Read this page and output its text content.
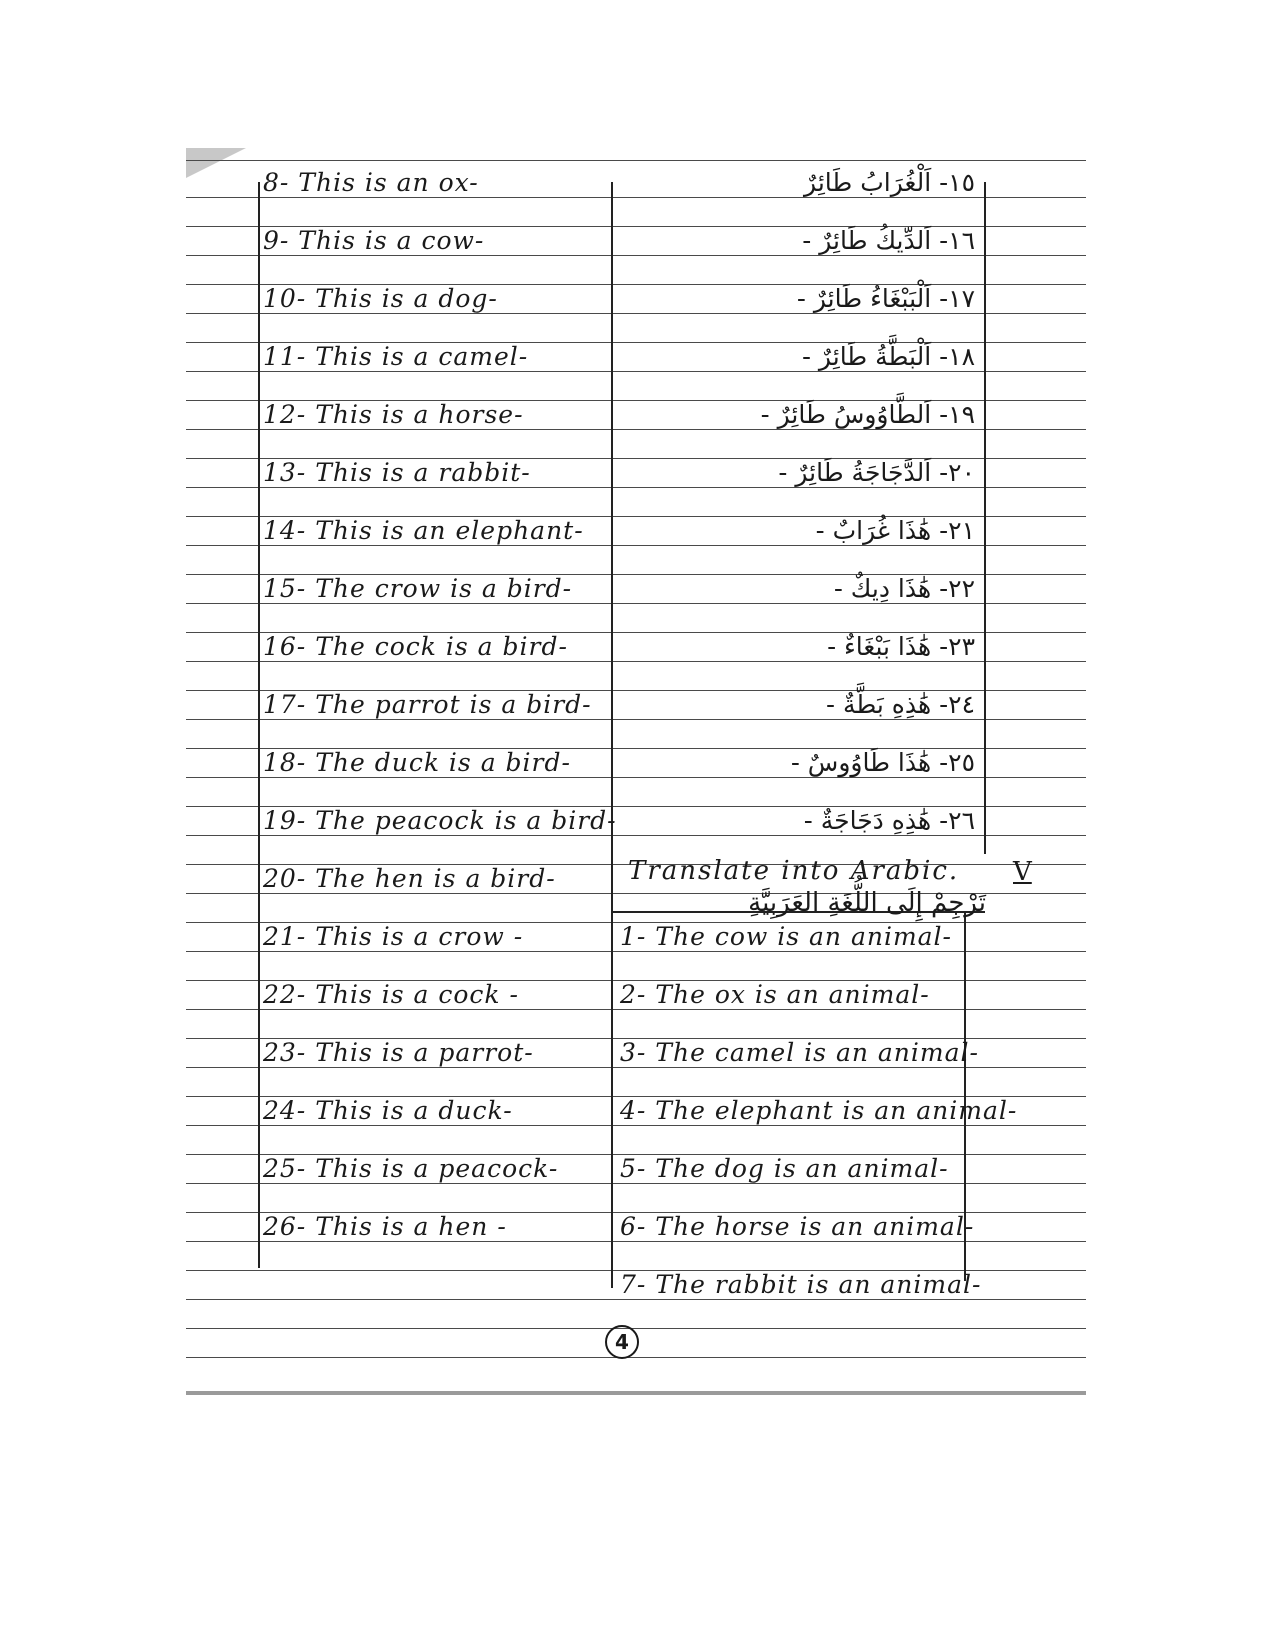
8- This is an ox-
9- This is a cow-
10- This is a dog-
11- This is a camel-
12- This is a horse-
13- This is a rabbit-
14- This is an elephant-
15- The crow is a bird-
16- The cock is a bird-
17- The parrot is a bird-
18- The duck is a bird-
19- The peacock is a bird-
20- The hen is a bird-
21- This is a crow -
22- This is a cock -
23- This is a parrot-
24- This is a duck-
25- This is a peacock-
26- This is a hen -
١٥- اَلْغُرَابُ طَائِرٌ
١٦- اَلدِّيكُ طَائِرٌ -
١٧- اَلْبَبْغَاءُ طَائِرٌ -
١٨- اَلْبَطَّةُ طَائِرٌ -
١٩- اَلطَّاوُوسُ طَائِرٌ -
٢٠- اَلدَّجَاجَةُ طَائِرٌ -
٢١- هَٰذَا غُرَابٌ -
٢٢- هَٰذَا دِيكٌ -
٢٣- هَٰذَا بَبْغَاءٌ -
٢٤- هَٰذِهِ بَطَّةٌ -
٢٥- هَٰذَا طَاوُوسٌ -
٢٦- هَٰذِهِ دَجَاجَةٌ -
Translate into Arabic.
تَرْجِمْ إِلَى اللُّغَةِ العَرَبِيَّةِ
V
1- The cow is an animal-
2- The ox is an animal-
3- The camel is an animal-
4- The elephant is an animal-
5- The dog is an animal-
6- The horse is an animal-
7- The rabbit is an animal-
4
